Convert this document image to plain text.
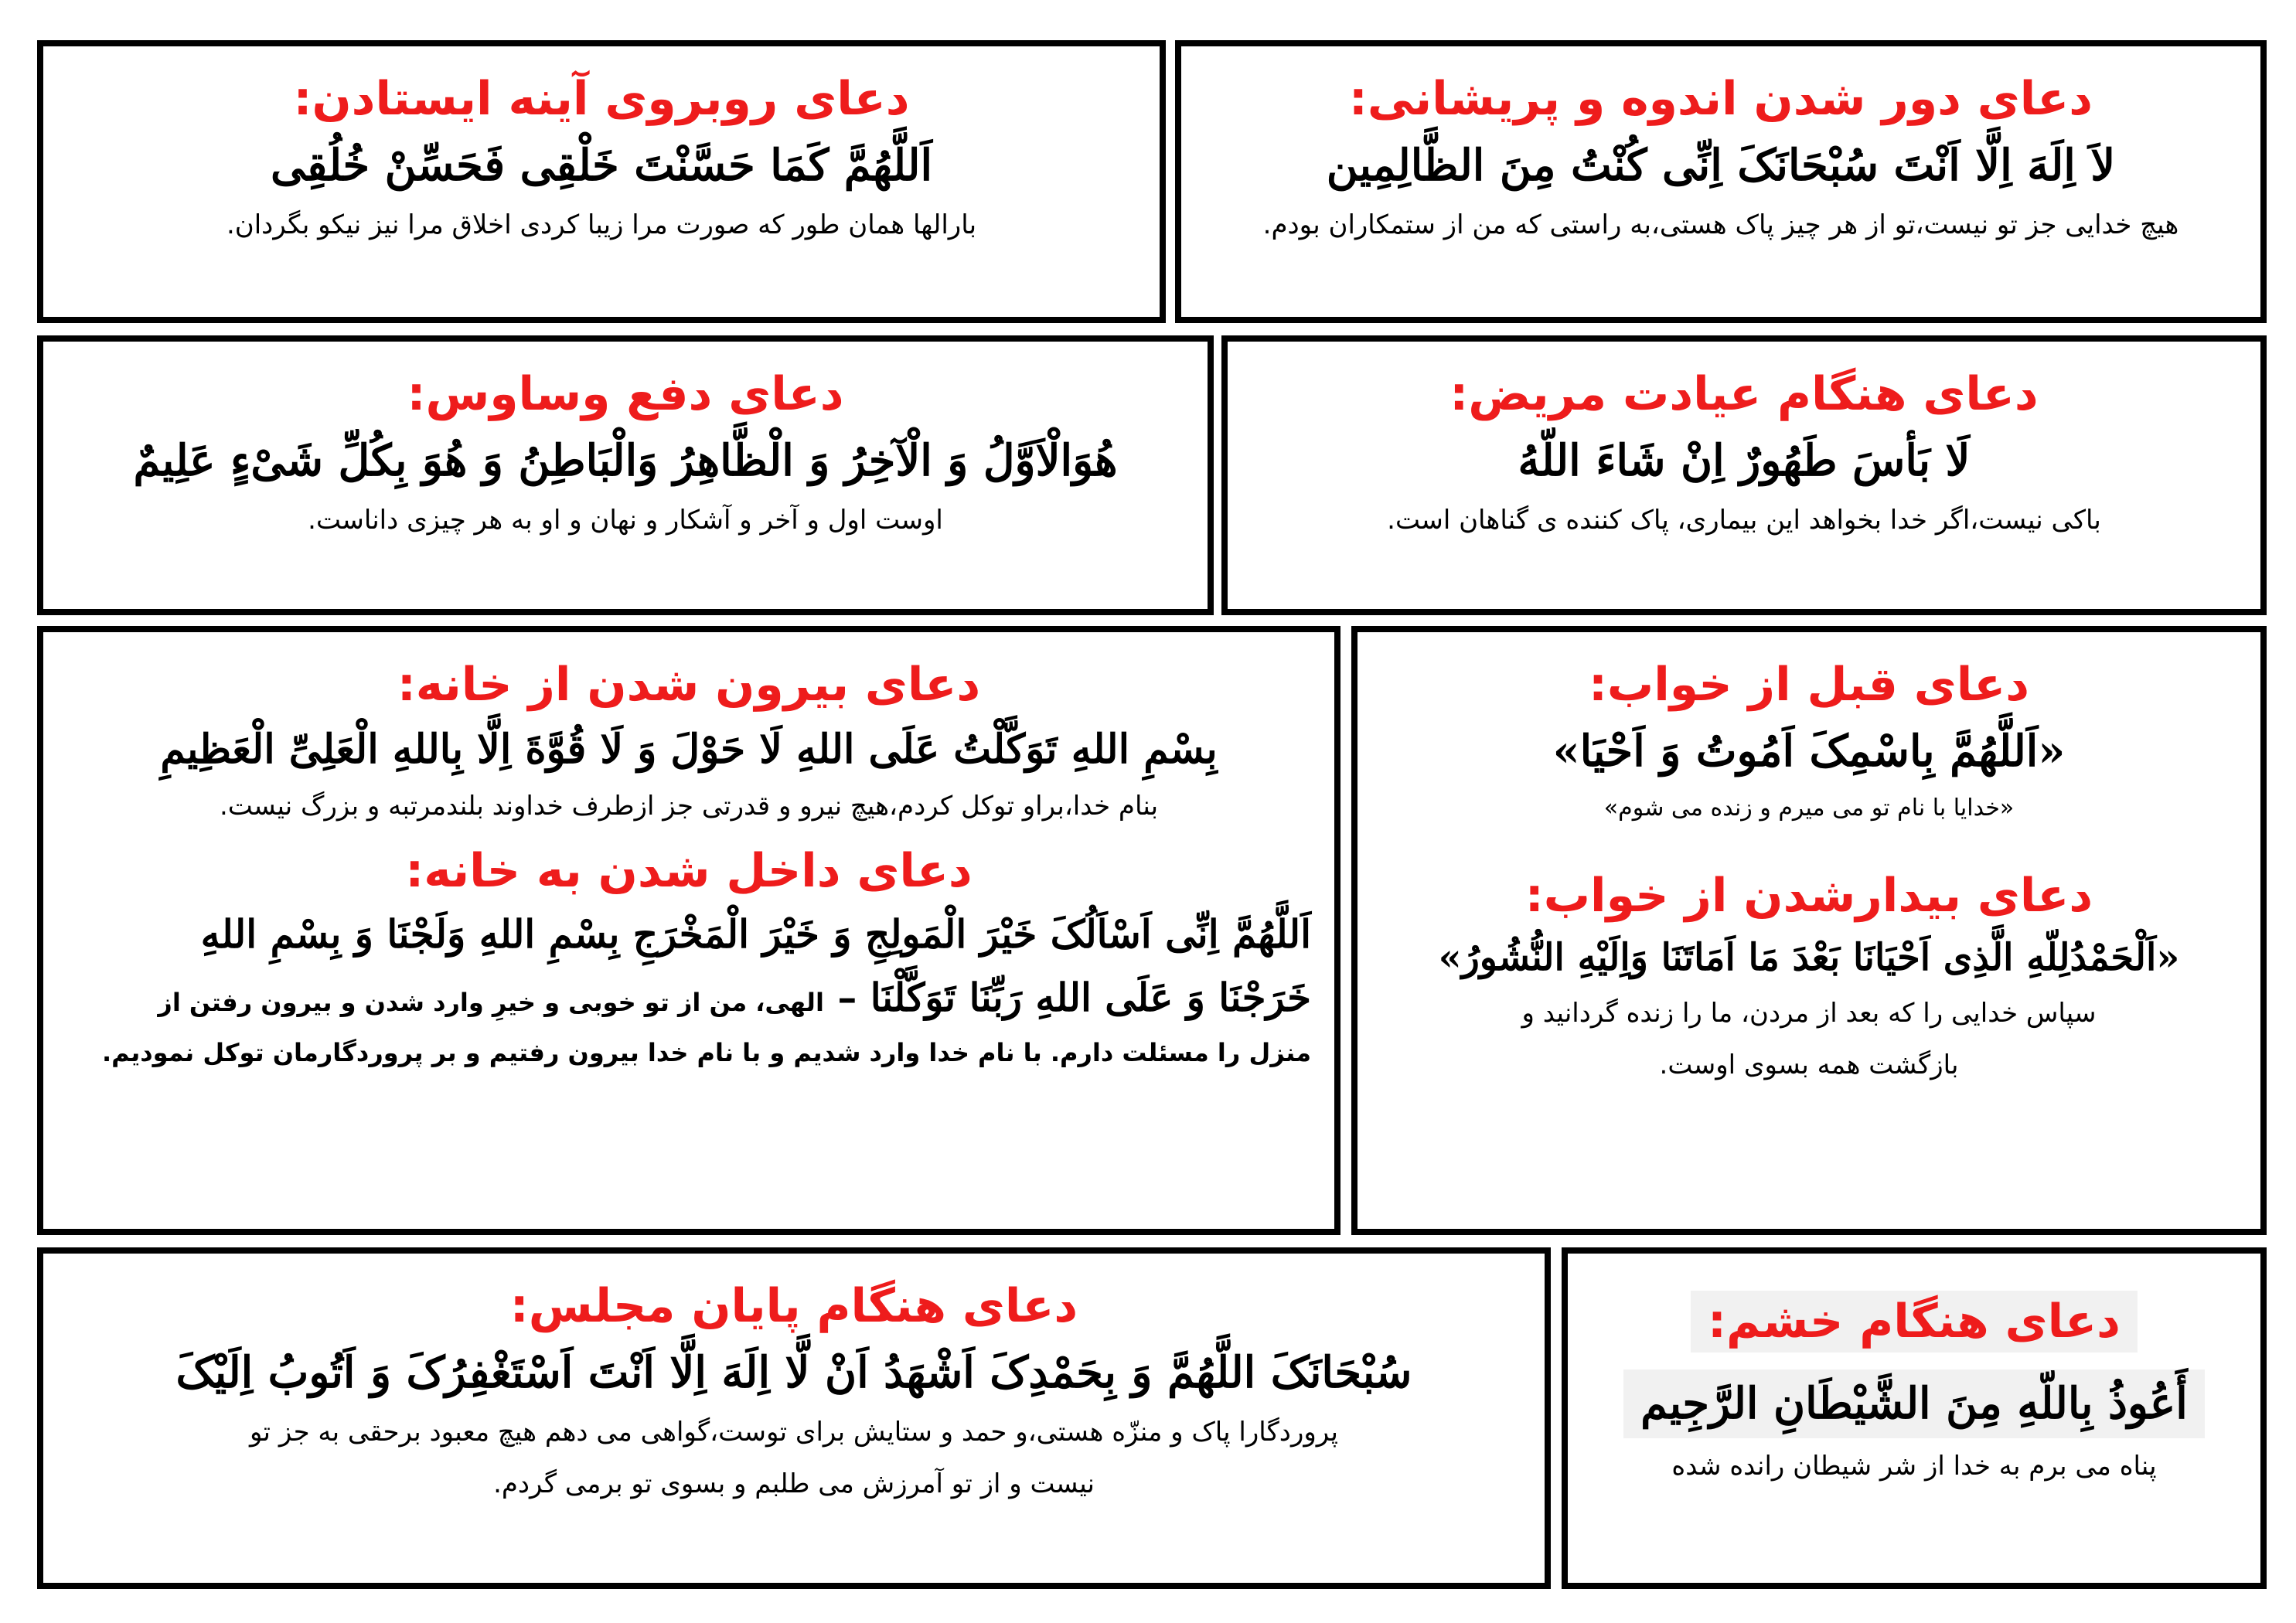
دعای دور شدن اندوه و پریشانی:
لاَ اِلَهَ اِلَّا اَنْتَ سُبْحَانَکَ اِنِّی کُنْتُ مِنَ الظَّالِمِین
هیچ خدایی جز تو نیست،تو از هر چیز پاک هستی،به راستی که من از ستمکاران بودم.
دعای روبروی آینه ایستادن:
اَللَّهُمَّ کَمَا حَسَّنْتَ خَلْقِی فَحَسِّنْ خُلُقِی
بارالها همان طور که صورت مرا زیبا کردی اخلاق مرا نیز نیکو بگردان.
دعای هنگام عیادت مریض:
لَا بَأسَ طَهُورٌ اِنْ شَاءَ اللّهُ
باکی نیست،اگر خدا بخواهد این بیماری، پاک کننده ی گناهان است.
دعای دفع وساوس:
هُوَالْاَوَّلُ وَ الْآخِرُ وَ الْظَّاهِرُ وَالْبَاطِنُ وَ هُوَ بِکُلِّ شَیْءٍ عَلِیمٌ
اوست اول و آخر و آشکار و نهان و او به هر چیزی داناست.
دعای قبل از خواب:
«اَللَّهُمَّ بِاسْمِکَ اَمُوتُ وَ اَحْیَا»
«خدایا با نام تو می میرم و زنده می شوم»
دعای بیدارشدن از خواب:
«اَلْحَمْدُلِلّهِ الَّذِی اَحْیَانَا بَعْدَ مَا اَمَاتَنَا وَاِلَیْهِ النُّشُورُ»
سپاس خدایی را که بعد از مردن، ما را زنده گردانید و
بازگشت همه بسوی اوست.
دعای بیرون شدن از خانه:
بِسْمِ اللهِ تَوَکَّلْتُ عَلَی اللهِ لَا حَوْلَ وَ لَا قُوَّةَ اِلَّا بِاللهِ الْعَلِیِّ الْعَظِیمِ
بنام خدا،براو توکل کردم،هیچ نیرو و قدرتی جز ازطرف خداوند بلندمرتبه و بزرگ نیست.
دعای داخل شدن به خانه:
اَللَّهُمَّ اِنِّی اَسْاَلُکَ خَیْرَ الْمَولِجِ وَ خَیْرَ الْمَخْرَجِ بِسْمِ اللهِ وَلَجْنَا وَ بِسْمِ اللهِ
خَرَجْنَا وَ عَلَی اللهِ رَبِّنَا تَوَکَّلْنَا – الهی، من از تو خوبی و خیرِ وارد شدن و بیرون رفتن از
منزل را مسئلت دارم. با نام خدا وارد شدیم و با نام خدا بیرون رفتیم و بر پروردگارمان توکل نمودیم.
دعای هنگام خشم:
أَعُوذُ بِاللّهِ مِنَ الشَّیْطَانِ الرَّجِیم
پناه می برم به خدا از شر شیطان رانده شده
دعای هنگام پایان مجلس:
سُبْحَانَکَ اللَّهُمَّ وَ بِحَمْدِکَ اَشْهَدُ اَنْ لَّا اِلَهَ اِلَّا اَنْتَ اَسْتَغْفِرُکَ وَ اَتُوبُ اِلَیْکَ
پروردگارا پاک و منزّه هستی،و حمد و ستایش برای توست،گواهی می دهم هیچ معبود برحقی به جز تو
نیست و از تو آمرزش می طلبم و بسوی تو برمی گردم.
